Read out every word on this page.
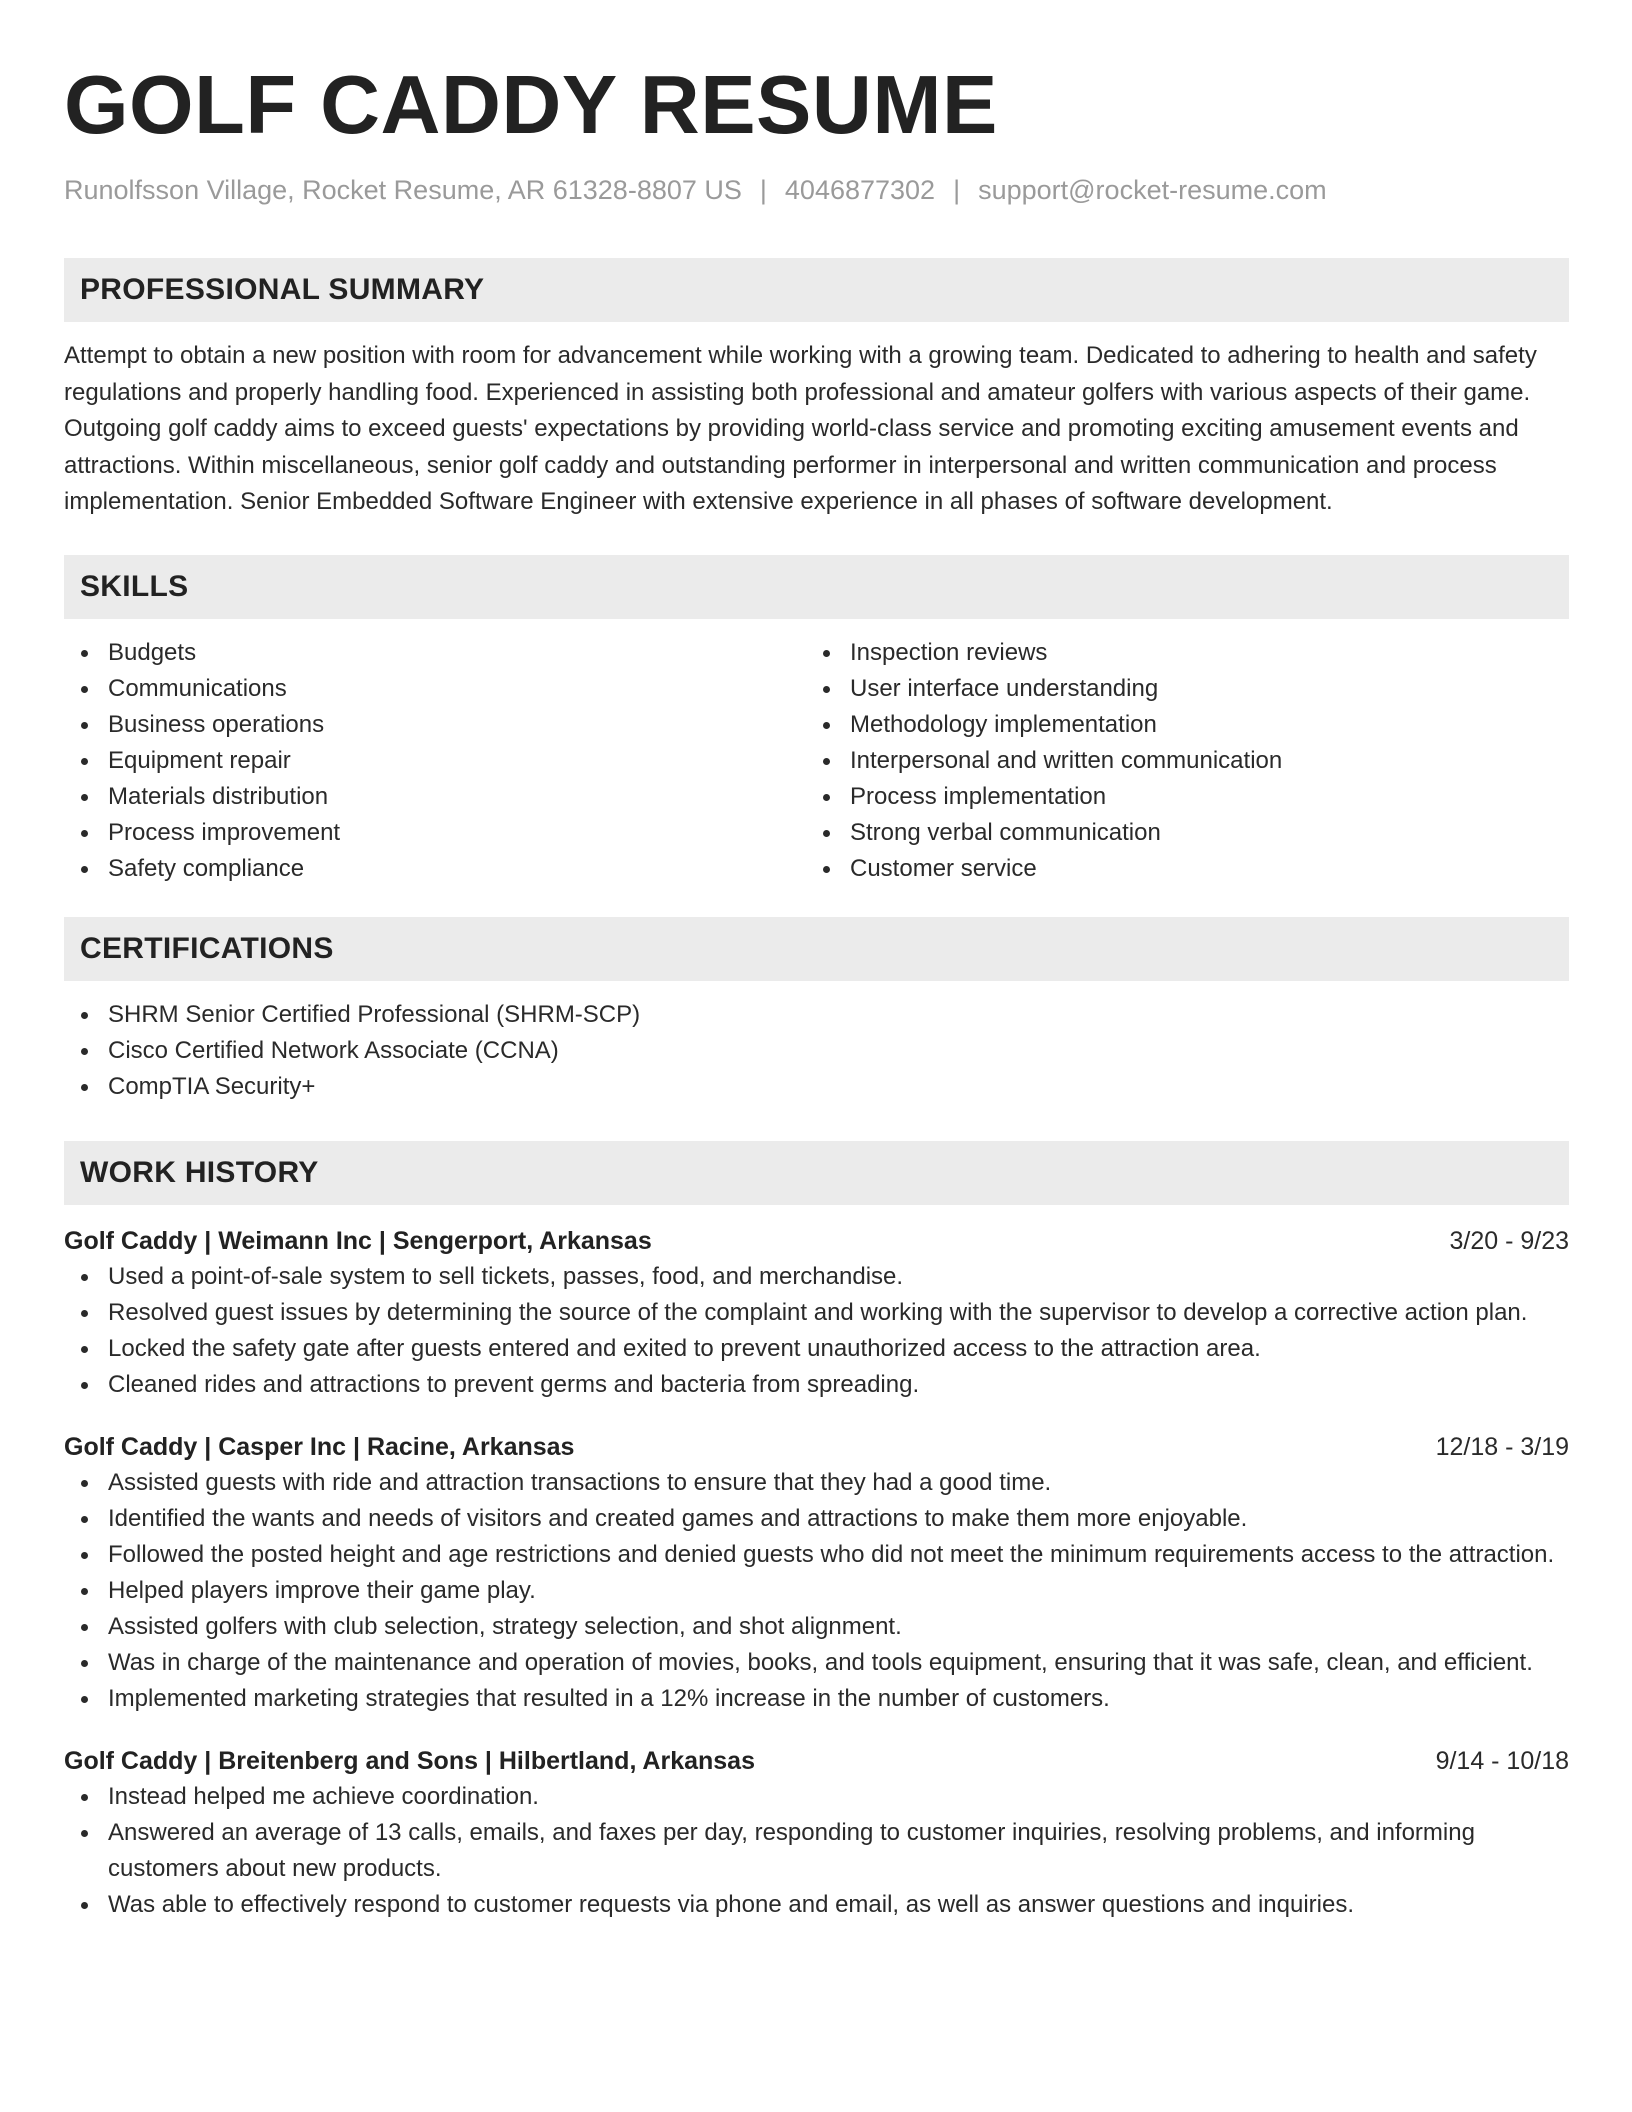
GOLF CADDY RESUME
Runolfsson Village, Rocket Resume, AR 61328-8807 US | 4046877302 | support@rocket-resume.com
PROFESSIONAL SUMMARY

Attempt to obtain a new position with room for advancement while working with a growing team. Dedicated to adhering to health and safety regulations and properly handling food. Experienced in assisting both professional and amateur golfers with various aspects of their game. Outgoing golf caddy aims to exceed guests' expectations by providing world-class service and promoting exciting amusement events and attractions. Within miscellaneous, senior golf caddy and outstanding performer in interpersonal and written communication and process implementation. Senior Embedded Software Engineer with extensive experience in all phases of software development.

SKILLS
Budgets
Communications
Business operations
Equipment repair
Materials distribution
Process improvement
Safety compliance
Inspection reviews
User interface understanding
Methodology implementation
Interpersonal and written communication
Process implementation
Strong verbal communication
Customer service
CERTIFICATIONS
SHRM Senior Certified Professional (SHRM-SCP)
Cisco Certified Network Associate (CCNA)
CompTIA Security+
WORK HISTORY
Golf Caddy | Weimann Inc | Sengerport, Arkansas	3/20 - 9/23
Used a point-of-sale system to sell tickets, passes, food, and merchandise.
Resolved guest issues by determining the source of the complaint and working with the supervisor to develop a corrective action plan.
Locked the safety gate after guests entered and exited to prevent unauthorized access to the attraction area.
Cleaned rides and attractions to prevent germs and bacteria from spreading.
Golf Caddy | Casper Inc | Racine, Arkansas	12/18 - 3/19
Assisted guests with ride and attraction transactions to ensure that they had a good time.
Identified the wants and needs of visitors and created games and attractions to make them more enjoyable.
Followed the posted height and age restrictions and denied guests who did not meet the minimum requirements access to the attraction.
Helped players improve their game play.
Assisted golfers with club selection, strategy selection, and shot alignment.
Was in charge of the maintenance and operation of movies, books, and tools equipment, ensuring that it was safe, clean, and efficient.
Implemented marketing strategies that resulted in a 12% increase in the number of customers.
Golf Caddy | Breitenberg and Sons | Hilbertland, Arkansas	9/14 - 10/18
Instead helped me achieve coordination.
Answered an average of 13 calls, emails, and faxes per day, responding to customer inquiries, resolving problems, and informing customers about new products.
Was able to effectively respond to customer requests via phone and email, as well as answer questions and inquiries.
